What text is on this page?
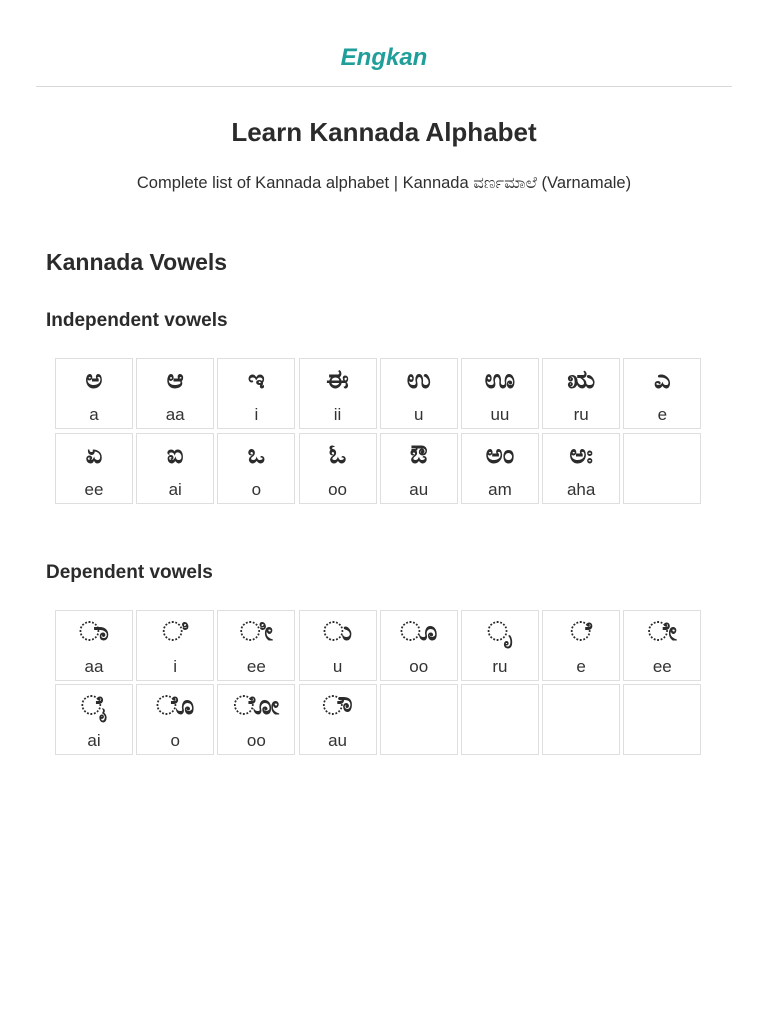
Engkan
Learn Kannada Alphabet
Complete list of Kannada alphabet | Kannada ವರ್ಣಮಾಲೆ (Varnamale)
Kannada Vowels
Independent vowels
ಅ
a
ಆ
aa
ಇ
i
ಈ
ii
ಉ
u
ಊ
uu
ಋ
ru
ಎ
e
ಏ
ee
ಐ
ai
ಒ
o
ಓ
oo
ಔ
au
ಅಂ
am
ಅಃ
aha
Dependent vowels
◌ಾ
aa
◌ಿ
i
◌ೀ
ee
◌ು
u
◌ೂ
oo
◌ೃ
ru
◌ೆ
e
◌ೇ
ee
◌ೈ
ai
◌ೊ
o
◌ೋ
oo
◌ೌ
au
